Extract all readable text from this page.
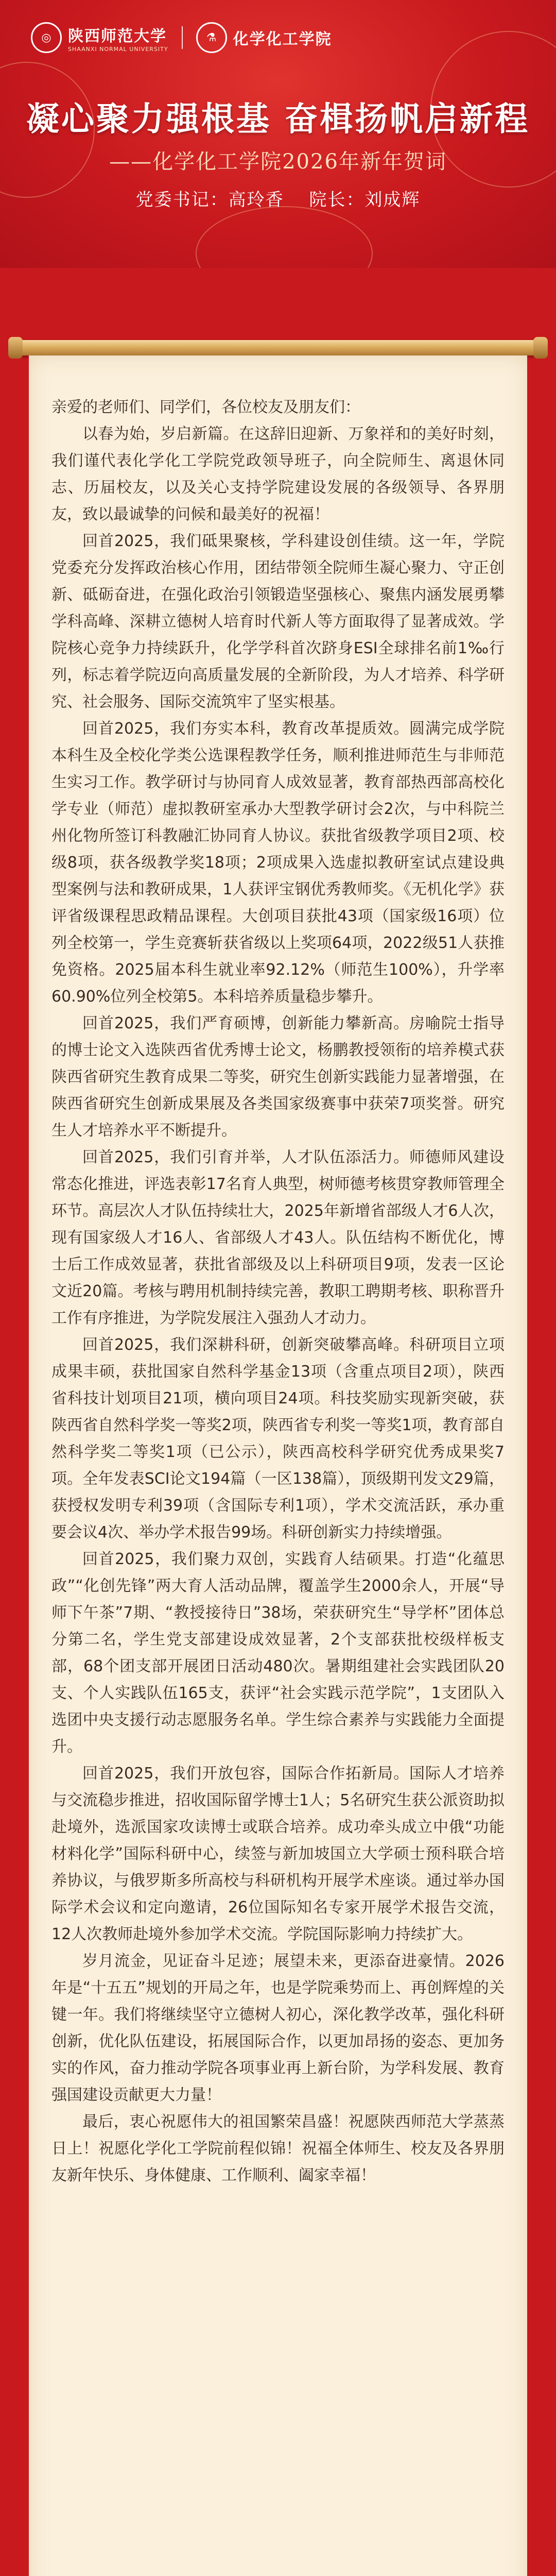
◎	陕西师范大学
SHAANXI NORMAL UNIVERSITY
⚗	化学化工学院
凝心聚力强根基 奋楫扬帆启新程
——化学化工学院2026年新年贺词
党委书记：高玲香 院长：刘成辉

亲爱的老师们、同学们，各位校友及朋友们：

以春为始，岁启新篇。在这辞旧迎新、万象祥和的美好时刻，我们谨代表化学化工学院党政领导班子，向全院师生、离退休同志、历届校友，以及关心支持学院建设发展的各级领导、各界朋友，致以最诚挚的问候和最美好的祝福！

回首2025，我们砥果聚核，学科建设创佳绩。这一年，学院党委充分发挥政治核心作用，团结带领全院师生凝心聚力、守正创新、砥砺奋进，在强化政治引领锻造坚强核心、聚焦内涵发展勇攀学科高峰、深耕立德树人培育时代新人等方面取得了显著成效。学院核心竞争力持续跃升，化学学科首次跻身ESI全球排名前1‰行列，标志着学院迈向高质量发展的全新阶段，为人才培养、科学研究、社会服务、国际交流筑牢了坚实根基。

回首2025，我们夯实本科，教育改革提质效。圆满完成学院本科生及全校化学类公选课程教学任务，顺利推进师范生与非师范生实习工作。教学研讨与协同育人成效显著，教育部热西部高校化学专业（师范）虚拟教研室承办大型教学研讨会2次，与中科院兰州化物所签订科教融汇协同育人协议。获批省级教学项目2项、校级8项，获各级教学奖18项；2项成果入选虚拟教研室试点建设典型案例与法和教研成果，1人获评宝钢优秀教师奖。《无机化学》获评省级课程思政精品课程。大创项目获批43项（国家级16项）位列全校第一，学生竞赛斩获省级以上奖项64项，2022级51人获推免资格。2025届本科生就业率92.12%（师范生100%），升学率60.90%位列全校第5。本科培养质量稳步攀升。

回首2025，我们严育硕博，创新能力攀新高。房喻院士指导的博士论文入选陕西省优秀博士论文，杨鹏教授领衔的培养模式获陕西省研究生教育成果二等奖，研究生创新实践能力显著增强，在陕西省研究生创新成果展及各类国家级赛事中获荣7项奖誉。研究生人才培养水平不断提升。

回首2025，我们引育并举，人才队伍添活力。师德师风建设常态化推进，评选表彰17名育人典型，树师德考核贯穿教师管理全环节。高层次人才队伍持续壮大，2025年新增省部级人才6人次，现有国家级人才16人、省部级人才43人。队伍结构不断优化，博士后工作成效显著，获批省部级及以上科研项目9项，发表一区论文近20篇。考核与聘用机制持续完善，教职工聘期考核、职称晋升工作有序推进，为学院发展注入强劲人才动力。

回首2025，我们深耕科研，创新突破攀高峰。科研项目立项成果丰硕，获批国家自然科学基金13项（含重点项目2项），陕西省科技计划项目21项，横向项目24项。科技奖励实现新突破，获陕西省自然科学奖一等奖2项，陕西省专利奖一等奖1项，教育部自然科学奖二等奖1项（已公示），陕西高校科学研究优秀成果奖7项。全年发表SCI论文194篇（一区138篇），顶级期刊发文29篇，获授权发明专利39项（含国际专利1项），学术交流活跃，承办重要会议4次、举办学术报告99场。科研创新实力持续增强。

回首2025，我们聚力双创，实践育人结硕果。打造“化蕴思政”“化创先锋”两大育人活动品牌，覆盖学生2000余人，开展“导师下午茶”7期、“教授接待日”38场，荣获研究生“导学杯”团体总分第二名，学生党支部建设成效显著，2个支部获批校级样板支部，68个团支部开展团日活动480次。暑期组建社会实践团队20支、个人实践队伍165支，获评“社会实践示范学院”，1支团队入选团中央支援行动志愿服务名单。学生综合素养与实践能力全面提升。

回首2025，我们开放包容，国际合作拓新局。国际人才培养与交流稳步推进，招收国际留学博士1人；5名研究生获公派资助拟赴境外，选派国家攻读博士或联合培养。成功牵头成立中俄“功能材料化学”国际科研中心，续签与新加坡国立大学硕士预科联合培养协议，与俄罗斯多所高校与科研机构开展学术座谈。通过举办国际学术会议和定向邀请，26位国际知名专家开展学术报告交流，12人次教师赴境外参加学术交流。学院国际影响力持续扩大。

岁月流金，见证奋斗足迹；展望未来，更添奋进豪情。2026年是“十五五”规划的开局之年，也是学院乘势而上、再创辉煌的关键一年。我们将继续坚守立德树人初心，深化教学改革，强化科研创新，优化队伍建设，拓展国际合作，以更加昂扬的姿态、更加务实的作风，奋力推动学院各项事业再上新台阶，为学科发展、教育强国建设贡献更大力量！

最后，衷心祝愿伟大的祖国繁荣昌盛！祝愿陕西师范大学蒸蒸日上！祝愿化学化工学院前程似锦！祝福全体师生、校友及各界朋友新年快乐、身体健康、工作顺利、阖家幸福！
